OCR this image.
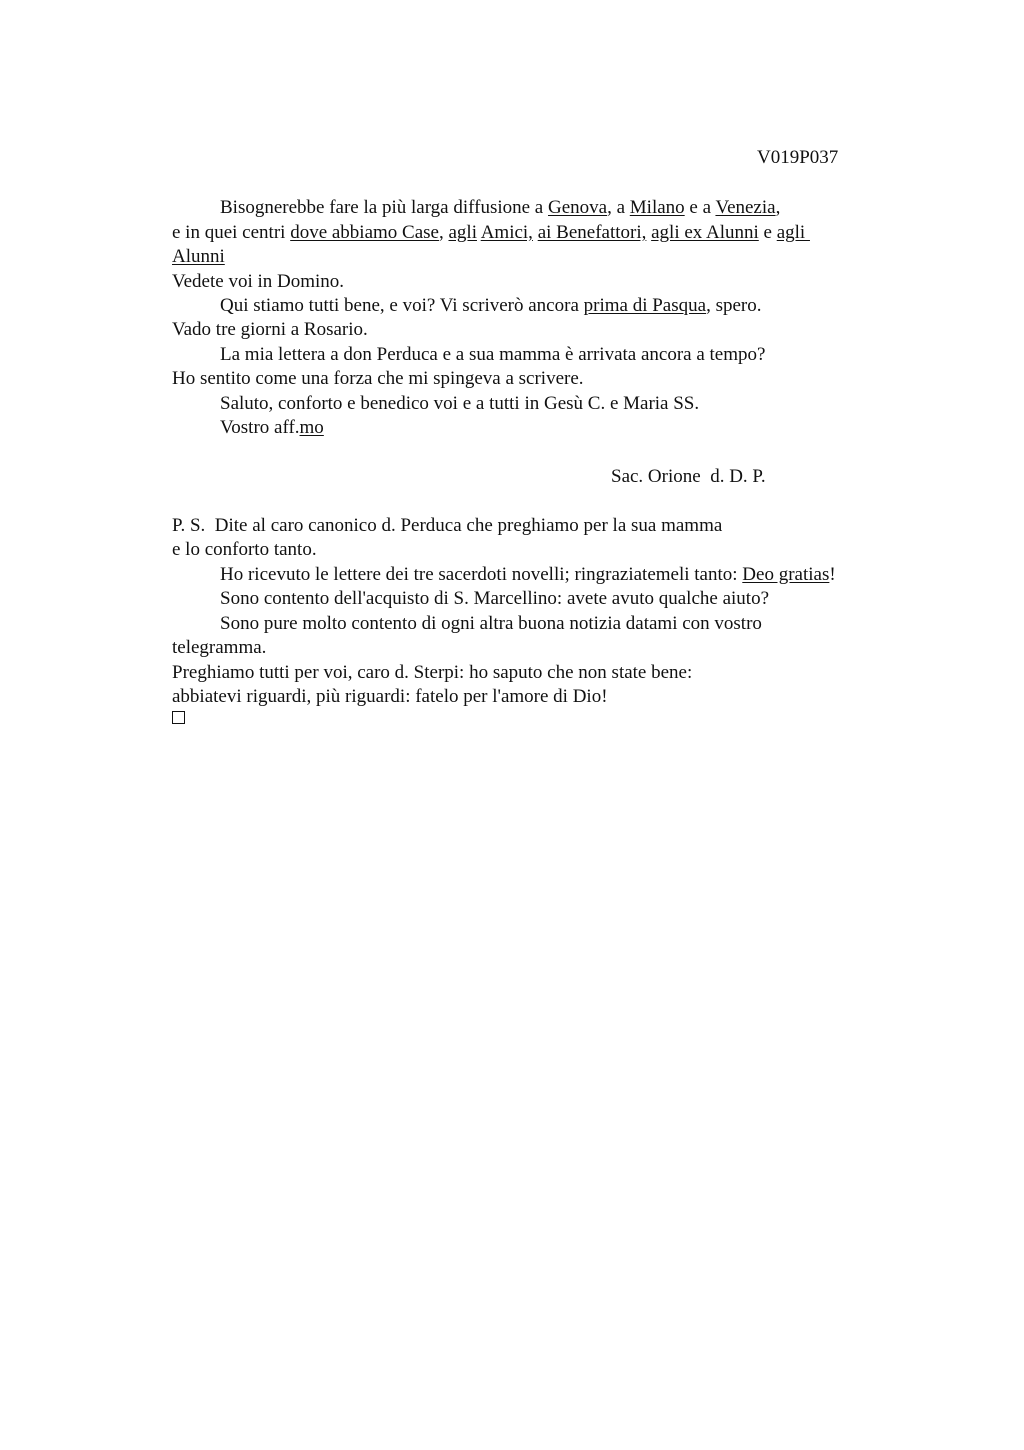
V019P037
Bisognerebbe fare la più larga diffusione a Genova, a Milano e a Venezia,
e in quei centri dove abbiamo Case, agli Amici, ai Benefattori, agli ex Alunni e agli
Alunni
Vedete voi in Domino.
Qui stiamo tutti bene, e voi? Vi scriverò ancora prima di Pasqua, spero.
Vado tre giorni a Rosario.
La mia lettera a don Perduca e a sua mamma è arrivata ancora a tempo?
Ho sentito come una forza che mi spingeva a scrivere.
Saluto, conforto e benedico voi e a tutti in Gesù C. e Maria SS.
Vostro aff.mo
Sac. Orione  d. D. P.
P. S.  Dite al caro canonico d. Perduca che preghiamo per la sua mamma
e lo conforto tanto.
Ho ricevuto le lettere dei tre sacerdoti novelli; ringraziatemeli tanto: Deo gratias!
Sono contento dell'acquisto di S. Marcellino: avete avuto qualche aiuto?
Sono pure molto contento di ogni altra buona notizia datami con vostro
telegramma.
Preghiamo tutti per voi, caro d. Sterpi: ho saputo che non state bene:
abbiatevi riguardi, più riguardi: fatelo per l'amore di Dio!
